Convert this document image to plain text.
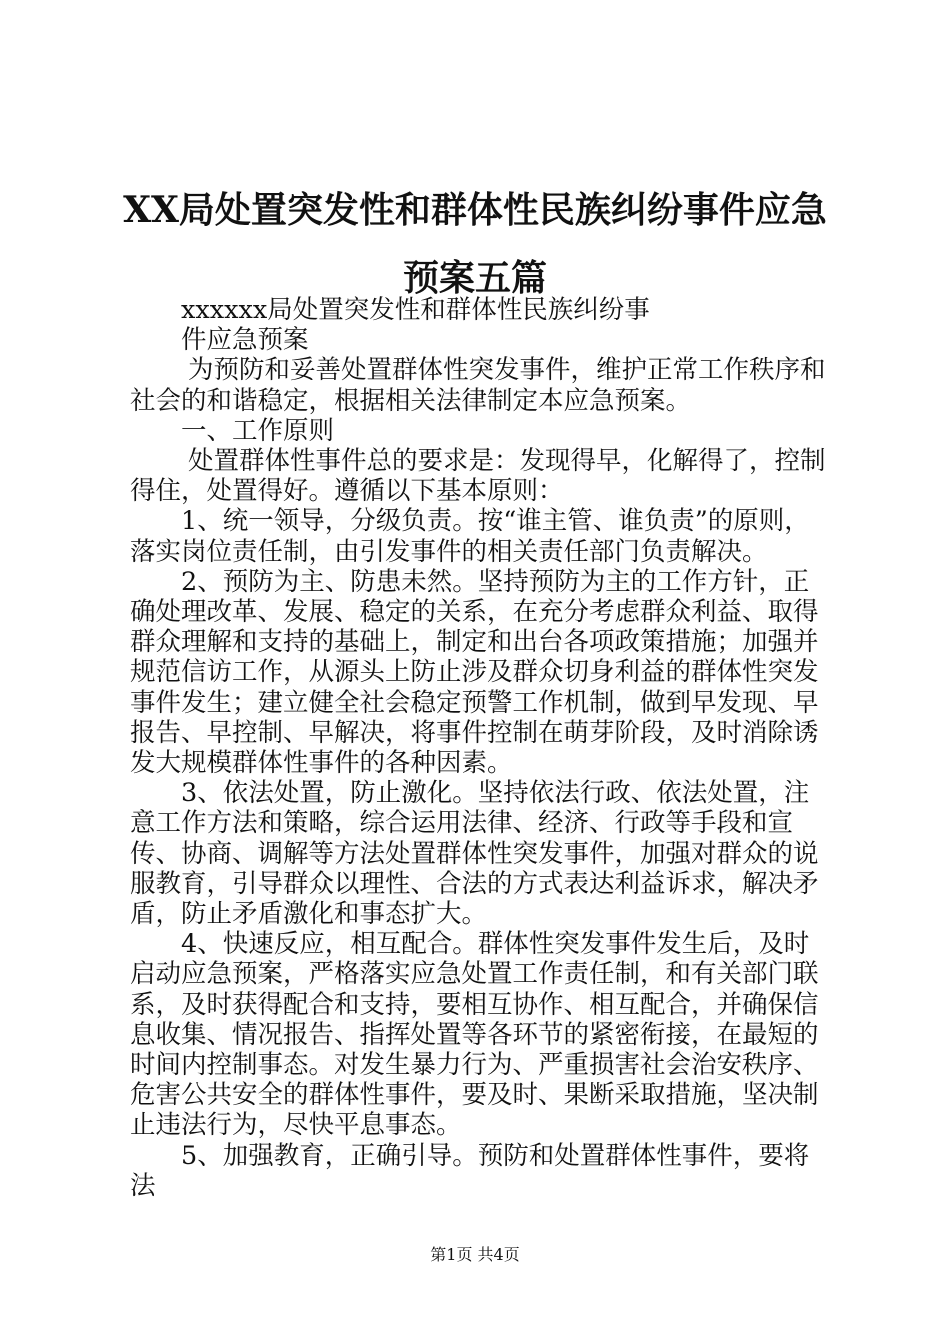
XX局处置突发性和群体性民族纠纷事件应急
预案五篇

xxxxxx局处置突发性和群体性民族纠纷事

件应急预案

为预防和妥善处置群体性突发事件，维护正常工作秩序和社会的和谐稳定，根据相关法律制定本应急预案。

一、工作原则

处置群体性事件总的要求是：发现得早，化解得了，控制得住，处置得好。遵循以下基本原则：

1、统一领导，分级负责。按“谁主管、谁负责”的原则，落实岗位责任制，由引发事件的相关责任部门负责解决。

2、预防为主、防患未然。坚持预防为主的工作方针，正确处理改革、发展、稳定的关系，在充分考虑群众利益、取得群众理解和支持的基础上，制定和出台各项政策措施；加强并规范信访工作，从源头上防止涉及群众切身利益的群体性突发事件发生；建立健全社会稳定预警工作机制，做到早发现、早报告、早控制、早解决，将事件控制在萌芽阶段，及时消除诱发大规模群体性事件的各种因素。

3、依法处置，防止激化。坚持依法行政、依法处置，注意工作方法和策略，综合运用法律、经济、行政等手段和宣传、协商、调解等方法处置群体性突发事件，加强对群众的说服教育，引导群众以理性、合法的方式表达利益诉求，解决矛盾，防止矛盾激化和事态扩大。

4、快速反应，相互配合。群体性突发事件发生后，及时启动应急预案，严格落实应急处置工作责任制，和有关部门联系，及时获得配合和支持，要相互协作、相互配合，并确保信息收集、情况报告、指挥处置等各环节的紧密衔接，在最短的时间内控制事态。对发生暴力行为、严重损害社会治安秩序、危害公共安全的群体性事件，要及时、果断采取措施，坚决制止违法行为，尽快平息事态。

5、加强教育，正确引导。预防和处置群体性事件，要将法

第1页 共4页
